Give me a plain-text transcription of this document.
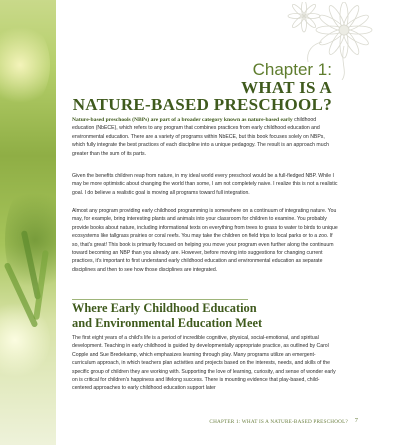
Chapter 1:
WHAT IS A
NATURE-BASED PRESCHOOL?

Nature-based preschools (NBPs) are part of a broader category known as nature-based early childhood education (NbECE), which refers to any program that combines practices from early childhood education and environmental education. There are a variety of programs within NbECE, but this book focuses solely on NBPs, which fully integrate the best practices of each discipline into a unique pedagogy. The result is an approach much greater than the sum of its parts.

Given the benefits children reap from nature, in my ideal world every preschool would be a full-fledged NBP. While I may be more optimistic about changing the world than some, I am not completely naive. I realize this is not a realistic goal. I do believe a realistic goal is moving all programs toward full integration.
Almost any program providing early childhood programming is somewhere on a continuum of integrating nature. You may, for example, bring interesting plants and animals into your classroom for children to examine. You probably provide books about nature, including informational texts on everything from trees to grass to water to birds to unique ecosystems like tallgrass prairies or coral reefs. You may take the children on field trips to local parks or to a zoo. If so, that's great! This book is primarily focused on helping you move your program even further along the continuum toward becoming an NBP than you already are. However, before moving into suggestions for changing current practices, it's important to first understand early childhood education and environmental education as separate disciplines and then to see how those disciplines are integrated.
Where Early Childhood Education
and Environmental Education Meet
The first eight years of a child's life is a period of incredible cognitive, physical, social-emotional, and spiritual development. Teaching in early childhood is guided by developmentally appropriate practice, as outlined by Carol Copple and Sue Bredekamp, which emphasizes learning through play. Many programs utilize an emergent-curriculum approach, in which teachers plan activities and projects based on the interests, needs, and skills of the specific group of children they are working with. Supporting the love of learning, curiosity, and sense of wonder early on is critical for children's happiness and lifelong success. There is mounting evidence that play-based, child-centered approaches to early childhood education support later
CHAPTER 1: WHAT IS A NATURE-BASED PRESCHOOL? 7
